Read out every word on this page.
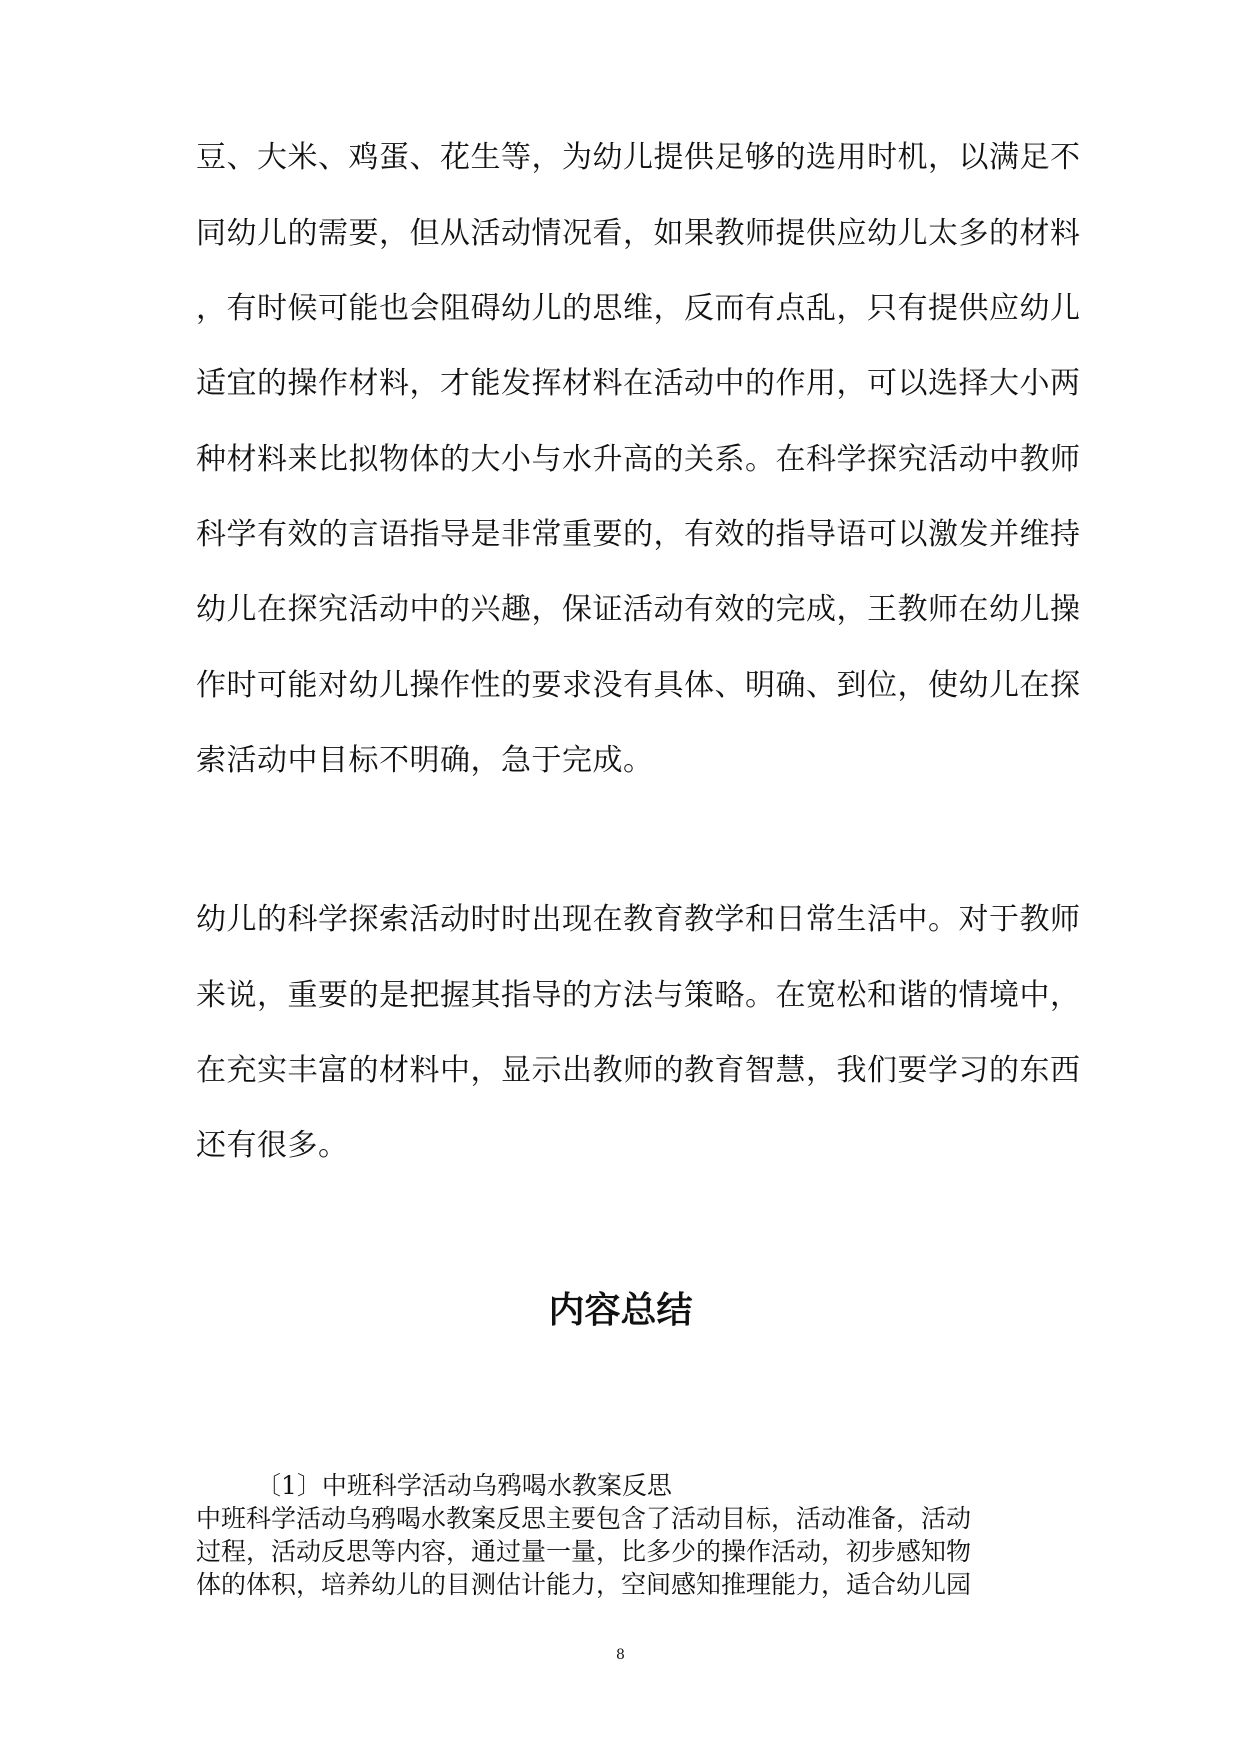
豆、大米、鸡蛋、花生等，为幼儿提供足够的选用时机，以满足不
同幼儿的需要，但从活动情况看，如果教师提供应幼儿太多的材料
，有时候可能也会阻碍幼儿的思维，反而有点乱，只有提供应幼儿
适宜的操作材料，才能发挥材料在活动中的作用，可以选择大小两
种材料来比拟物体的大小与水升高的关系。在科学探究活动中教师
科学有效的言语指导是非常重要的，有效的指导语可以激发并维持
幼儿在探究活动中的兴趣，保证活动有效的完成，王教师在幼儿操
作时可能对幼儿操作性的要求没有具体、明确、到位，使幼儿在探
索活动中目标不明确，急于完成。
幼儿的科学探索活动时时出现在教育教学和日常生活中。对于教师
来说，重要的是把握其指导的方法与策略。在宽松和谐的情境中，
在充实丰富的材料中，显示出教师的教育智慧，我们要学习的东西
还有很多。
内容总结
〔1〕中班科学活动乌鸦喝水教案反思
中班科学活动乌鸦喝水教案反思主要包含了活动目标，活动准备，活动
过程，活动反思等内容，通过量一量，比多少的操作活动，初步感知物
体的体积，培养幼儿的目测估计能力，空间感知推理能力，适合幼儿园
8
